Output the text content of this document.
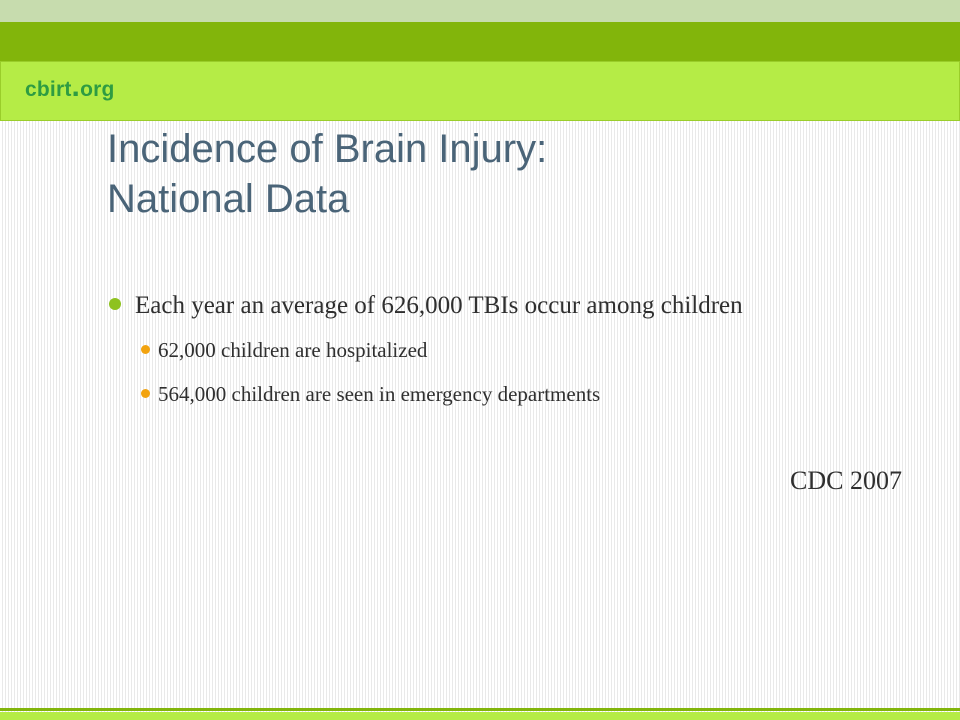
cbirt.org
Incidence of Brain Injury:
National Data
Each year an average of 626,000 TBIs occur among children
62,000 children are hospitalized
564,000 children are seen in emergency departments
CDC 2007
